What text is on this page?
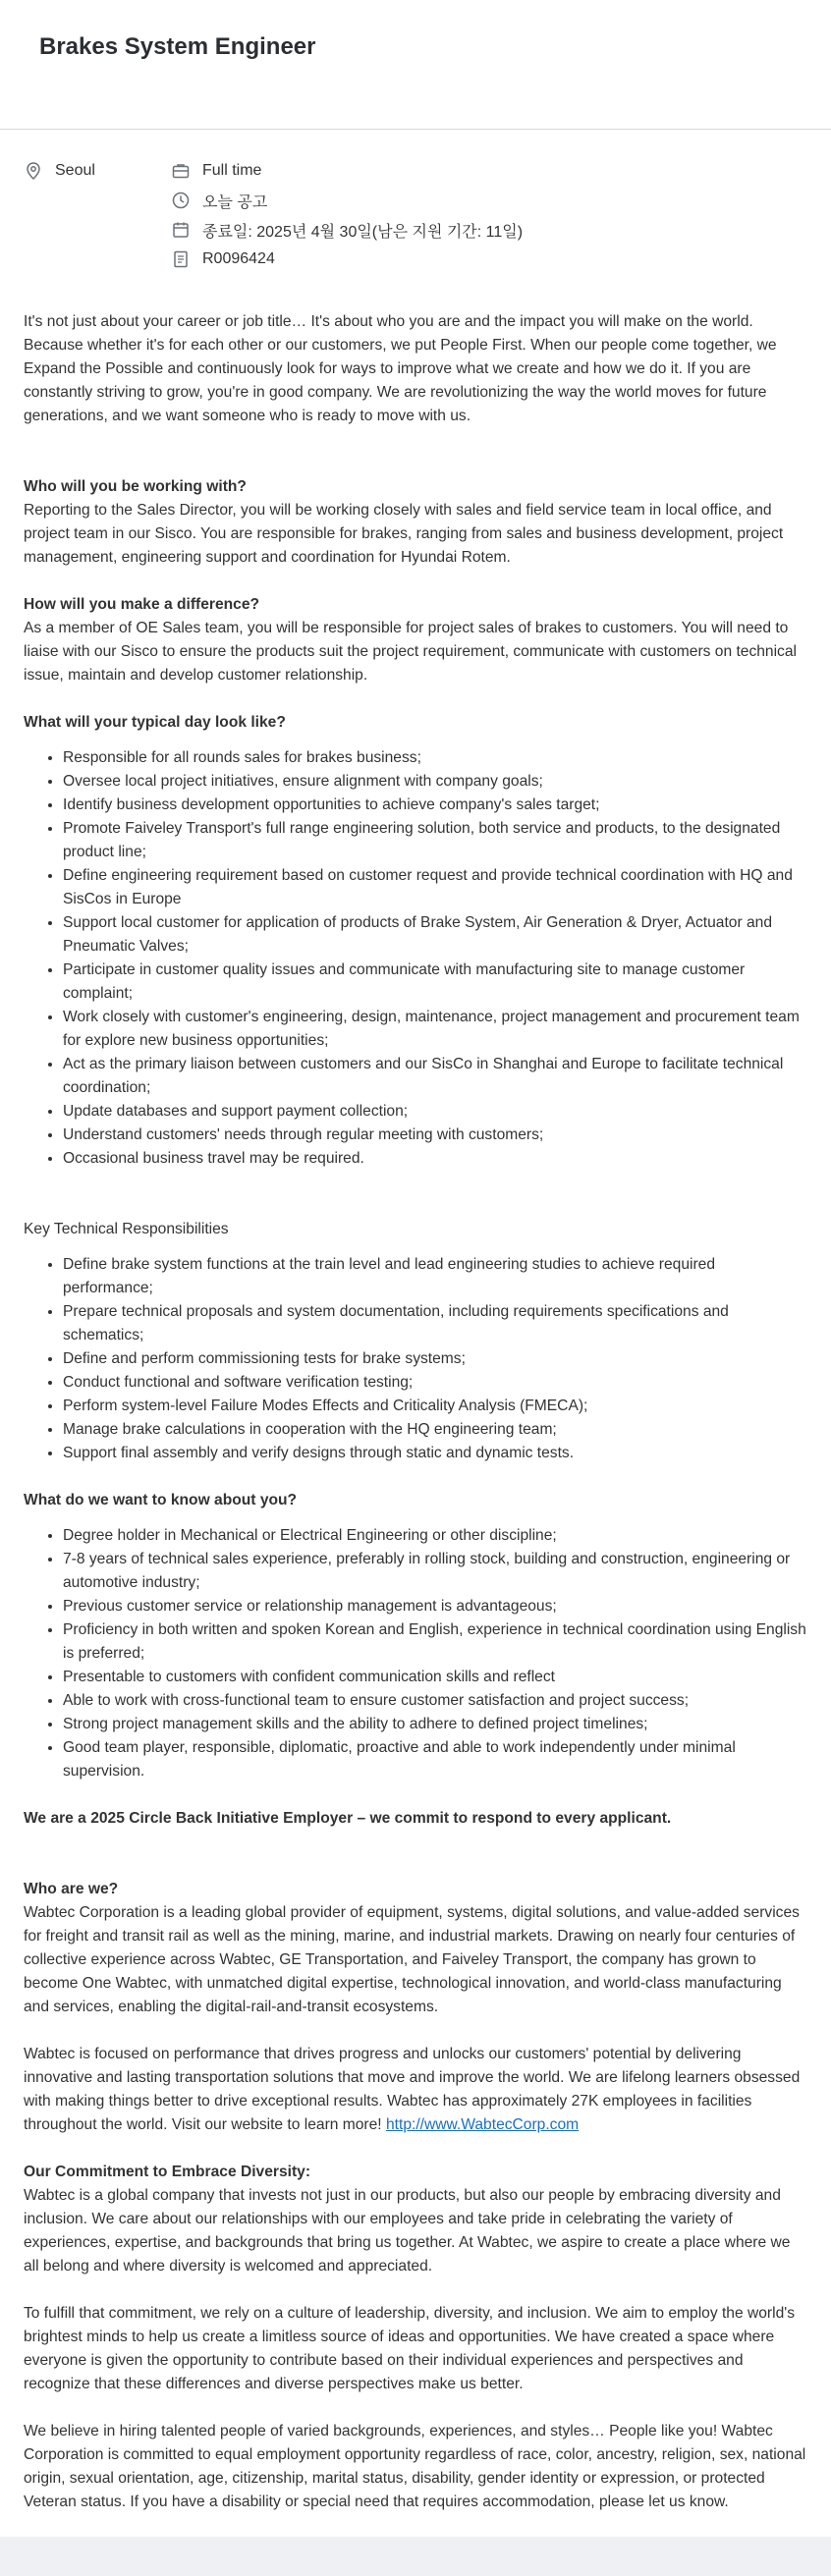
Brakes System Engineer
Seoul	Full time
오늘 공고
종료일: 2025년 4월 30일(남은 지원 기간: 11일)
R0096424

It's not just about your career or job title… It's about who you are and the impact you will make on the world. Because whether it's for each other or our customers, we put People First. When our people come together, we Expand the Possible and continuously look for ways to improve what we create and how we do it. If you are constantly striving to grow, you're in good company. We are revolutionizing the way the world moves for future generations, and we want someone who is ready to move with us.

Who will you be working with?

Reporting to the Sales Director, you will be working closely with sales and field service team in local office, and project team in our Sisco. You are responsible for brakes, ranging from sales and business development, project management, engineering support and coordination for Hyundai Rotem.

How will you make a difference?

As a member of OE Sales team, you will be responsible for project sales of brakes to customers. You will need to liaise with our Sisco to ensure the products suit the project requirement, communicate with customers on technical issue, maintain and develop customer relationship.

What will your typical day look like?

• Responsible for all rounds sales for brakes business;
• Oversee local project initiatives, ensure alignment with company goals;
• Identify business development opportunities to achieve company's sales target;
• Promote Faiveley Transport's full range engineering solution, both service and products, to the designated product line;
• Define engineering requirement based on customer request and provide technical coordination with HQ and SisCos in Europe
• Support local customer for application of products of Brake System, Air Generation & Dryer, Actuator and Pneumatic Valves;
• Participate in customer quality issues and communicate with manufacturing site to manage customer complaint;
• Work closely with customer's engineering, design, maintenance, project management and procurement team for explore new business opportunities;
• Act as the primary liaison between customers and our SisCo in Shanghai and Europe to facilitate technical coordination;
• Update databases and support payment collection;
• Understand customers' needs through regular meeting with customers;
• Occasional business travel may be required.

Key Technical Responsibilities

• Define brake system functions at the train level and lead engineering studies to achieve required performance;
• Prepare technical proposals and system documentation, including requirements specifications and schematics;
• Define and perform commissioning tests for brake systems;
• Conduct functional and software verification testing;
• Perform system-level Failure Modes Effects and Criticality Analysis (FMECA);
• Manage brake calculations in cooperation with the HQ engineering team;
• Support final assembly and verify designs through static and dynamic tests.

What do we want to know about you?

• Degree holder in Mechanical or Electrical Engineering or other discipline;
• 7-8 years of technical sales experience, preferably in rolling stock, building and construction, engineering or automotive industry;
• Previous customer service or relationship management is advantageous;
• Proficiency in both written and spoken Korean and English, experience in technical coordination using English is preferred;
• Presentable to customers with confident communication skills and reflect
• Able to work with cross-functional team to ensure customer satisfaction and project success;
• Strong project management skills and the ability to adhere to defined project timelines;
• Good team player, responsible, diplomatic, proactive and able to work independently under minimal supervision.

We are a 2025 Circle Back Initiative Employer – we commit to respond to every applicant.

Who are we?

Wabtec Corporation is a leading global provider of equipment, systems, digital solutions, and value-added services for freight and transit rail as well as the mining, marine, and industrial markets. Drawing on nearly four centuries of collective experience across Wabtec, GE Transportation, and Faiveley Transport, the company has grown to become One Wabtec, with unmatched digital expertise, technological innovation, and world-class manufacturing and services, enabling the digital-rail-and-transit ecosystems.

Wabtec is focused on performance that drives progress and unlocks our customers' potential by delivering innovative and lasting transportation solutions that move and improve the world. We are lifelong learners obsessed with making things better to drive exceptional results. Wabtec has approximately 27K employees in facilities throughout the world. Visit our website to learn more! http://www.WabtecCorp.com

Our Commitment to Embrace Diversity:

Wabtec is a global company that invests not just in our products, but also our people by embracing diversity and inclusion. We care about our relationships with our employees and take pride in celebrating the variety of experiences, expertise, and backgrounds that bring us together. At Wabtec, we aspire to create a place where we all belong and where diversity is welcomed and appreciated.

To fulfill that commitment, we rely on a culture of leadership, diversity, and inclusion. We aim to employ the world's brightest minds to help us create a limitless source of ideas and opportunities. We have created a space where everyone is given the opportunity to contribute based on their individual experiences and perspectives and recognize that these differences and diverse perspectives make us better.

We believe in hiring talented people of varied backgrounds, experiences, and styles… People like you! Wabtec Corporation is committed to equal employment opportunity regardless of race, color, ancestry, religion, sex, national origin, sexual orientation, age, citizenship, marital status, disability, gender identity or expression, or protected Veteran status. If you have a disability or special need that requires accommodation, please let us know.
